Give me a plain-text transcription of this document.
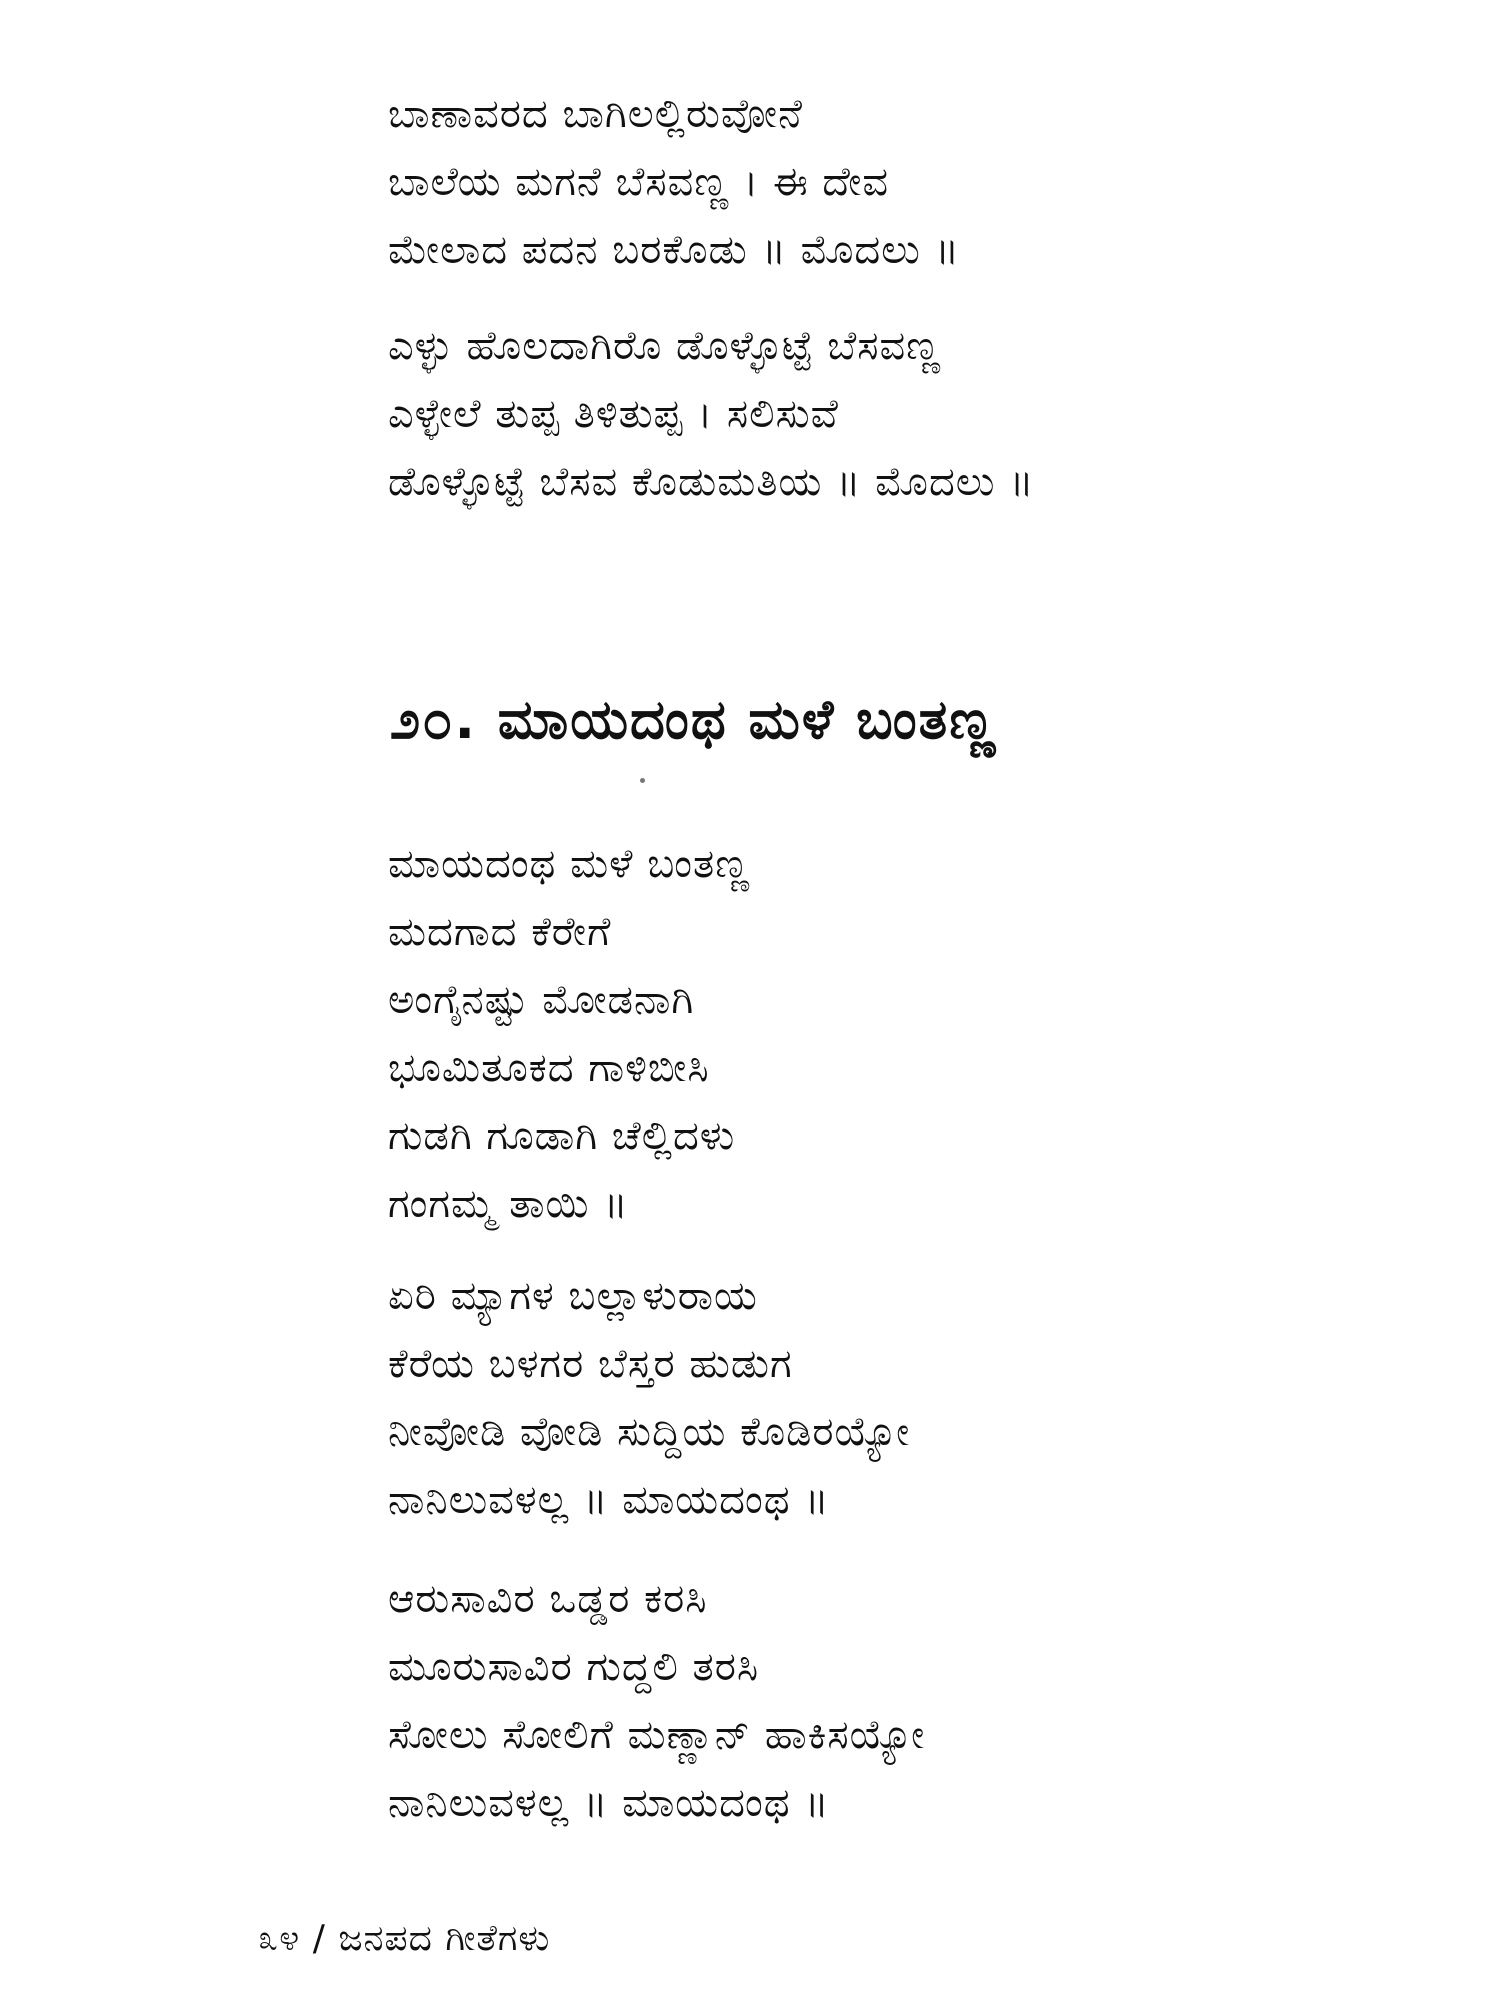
ಬಾಣಾವರದ ಬಾಗಿಲಲ್ಲಿರುವೋನೆ
ಬಾಲೆಯ ಮಗನೆ ಬೆಸವಣ್ಣ । ಈ ದೇವ
ಮೇಲಾದ ಪದನ ಬರಕೊಡು ॥ ಮೊದಲು ॥
ಎಳ್ಳು ಹೊಲದಾಗಿರೊ ಡೊಳ್ಳೊಟ್ಟೆ ಬೆಸವಣ್ಣ
ಎಳ್ಳೇಲೆ ತುಪ್ಪ ತಿಳಿತುಪ್ಪ । ಸಲಿಸುವೆ
ಡೊಳ್ಳೊಟ್ಟೆ ಬೆಸವ ಕೊಡುಮತಿಯ ॥ ಮೊದಲು ॥
೨೦. ಮಾಯದಂಥ ಮಳೆ ಬಂತಣ್ಣ
ಮಾಯದಂಥ ಮಳೆ ಬಂತಣ್ಣ
ಮದಗಾದ ಕೆರೇಗೆ
ಅಂಗೈನಷ್ಟು ಮೋಡನಾಗಿ
ಭೂಮಿತೂಕದ ಗಾಳಿಬೀಸಿ
ಗುಡಗಿ ಗೂಡಾಗಿ ಚೆಲ್ಲಿದಳು
ಗಂಗಮ್ಮ ತಾಯಿ ॥
ಏರಿ ಮ್ಯಾಗಳ ಬಲ್ಲಾಳುರಾಯ
ಕೆರೆಯ ಬಳಗರ ಬೆಸ್ತರ ಹುಡುಗ
ನೀವೋಡಿ ವೋಡಿ ಸುದ್ದಿಯ ಕೊಡಿರಯ್ಯೋ
ನಾನಿಲುವಳಲ್ಲ ॥ ಮಾಯದಂಥ ॥
ಆರುಸಾವಿರ ಒಡ್ಡರ ಕರಸಿ
ಮೂರುಸಾವಿರ ಗುದ್ದಲಿ ತರಸಿ
ಸೋಲು ಸೋಲಿಗೆ ಮಣ್ಣಾನ್ ಹಾಕಿಸಯ್ಯೋ
ನಾನಿಲುವಳಲ್ಲ ॥ ಮಾಯದಂಥ ॥
೩೪ / ಜನಪದ ಗೀತೆಗಳು
